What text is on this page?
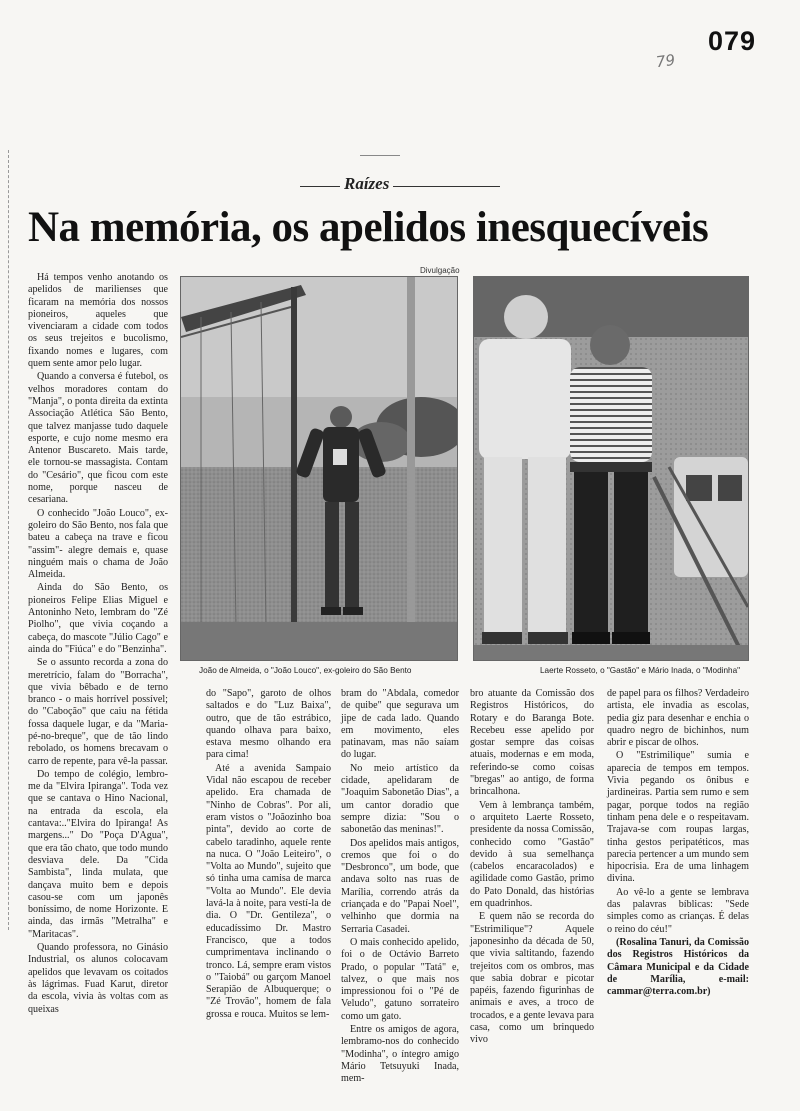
079
79
Raízes
Na memória, os apelidos inesquecíveis

Há tempos venho anotando os apelidos de marilienses que ficaram na memória dos nossos pioneiros, aqueles que vivenciaram a cidade com todos os seus trejeitos e bucolismo, fixando nomes e lugares, com quem sente amor pelo lugar.

Quando a conversa é futebol, os velhos moradores contam do "Manja", o ponta direita da extinta Associação Atlética São Bento, que talvez manjasse tudo daquele esporte, e cujo nome mesmo era Antenor Buscareto. Mais tarde, ele tornou-se massagista. Contam do "Cesário", que ficou com este nome, porque nasceu de cesariana.

O conhecido "João Louco", ex-goleiro do São Bento, nos fala que bateu a cabeça na trave e ficou "assim"- alegre demais e, quase ninguém mais o chama de João Almeida.

Ainda do São Bento, os pioneiros Felipe Elias Miguel e Antoninho Neto, lembram do "Zé Piolho", que vivia coçando a cabeça, do mascote "Júlio Cago" e ainda do "Fiúca" e do "Benzinha".

Se o assunto recorda a zona do meretrício, falam do "Borracha", que vivia bêbado e de terno branco - o mais horrível possível; do "Caboção" que caiu na fétida fossa daquele lugar, e da "Maria-pé-no-breque", que de tão lindo rebolado, os homens brecavam o carro de repente, para vê-la passar.

Do tempo de colégio, lembro-me da "Elvira Ipiranga". Toda vez que se cantava o Hino Nacional, na entrada da escola, ela cantava:.."Elvira do Ipiranga! As margens..." Do "Poça D'Agua", que era tão chato, que todo mundo desviava dele. Da "Cida Sambista", linda mulata, que dançava muito bem e depois casou-se com um japonês boníssimo, de nome Horizonte. E ainda, das irmãs "Metralha" e "Maritacas".

Quando professora, no Ginásio Industrial, os alunos colocavam apelidos que levavam os coitados às lágrimas. Fuad Karut, diretor da escola, vivia às voltas com as queixas

Divulgação
João de Almeida, o "João Louco", ex-goleiro do São Bento	Laerte Rosseto, o "Gastão" e Mário Inada, o "Modinha"

do "Sapo", garoto de olhos saltados e do "Luz Baixa", outro, que de tão estrábico, quando olhava para baixo, estava mesmo olhando era para cima!

Até a avenida Sampaio Vidal não escapou de receber apelido. Era chamada de "Ninho de Cobras". Por ali, eram vistos o "Joãozinho boa pinta", devido ao corte de cabelo taradinho, aquele rente na nuca. O "João Leiteiro", o "Volta ao Mundo", sujeito que só tinha uma camisa de marca "Volta ao Mundo". Ele devia lavá-la à noite, para vestí-la de dia. O "Dr. Gentileza", o educadíssimo Dr. Mastro Francisco, que a todos cumprimentava inclinando o tronco. Lá, sempre eram vistos o "Taiobá" ou garçom Manoel Serapião de Albuquerque; o "Zé Trovão", homem de fala grossa e rouca. Muitos se lem-

bram do "Abdala, comedor de quibe" que segurava um jipe de cada lado. Quando em movimento, eles patinavam, mas não saíam do lugar.

No meio artístico da cidade, apelidaram de "Joaquim Sabonetão Dias", a um cantor doradio que sempre dizia: "Sou o sabonetão das meninas!".

Dos apelidos mais antigos, cremos que foi o do "Desbronco", um bode, que andava solto nas ruas de Marília, correndo atrás da criançada e do "Papai Noel", velhinho que dormia na Serraria Casadei.

O mais conhecido apelido, foi o de Octávio Barreto Prado, o popular "Tatá" e, talvez, o que mais nos impressionou foi o "Pé de Veludo", gatuno sorrateiro como um gato.

Entre os amigos de agora, lembramo-nos do conhecido "Modinha", o íntegro amigo Mário Tetsuyuki Inada, mem-

bro atuante da Comissão dos Registros Históricos, do Rotary e do Baranga Bote. Recebeu esse apelido por gostar sempre das coisas atuais, modernas e em moda, referindo-se como coisas "bregas" ao antigo, de forma brincalhona.

Vem à lembrança também, o arquiteto Laerte Rosseto, presidente da nossa Comissão, conhecido como "Gastão" devido à sua semelhança (cabelos encaracolados) e agilidade como Gastão, primo do Pato Donald, das histórias em quadrinhos.

E quem não se recorda do "Estrimilique"? Aquele japonesinho da década de 50, que vivia saltitando, fazendo trejeitos com os ombros, mas que sabia dobrar e picotar papéis, fazendo figurinhas de animais e aves, a troco de trocados, e a gente levava para casa, como um brinquedo vivo

de papel para os filhos? Verdadeiro artista, ele invadia as escolas, pedia giz para desenhar e enchia o quadro negro de bichinhos, num abrir e piscar de olhos.

O "Estrimilique" sumia e aparecia de tempos em tempos. Vivia pegando os ônibus e jardineiras. Partia sem rumo e sem pagar, porque todos na região tinham pena dele e o respeitavam. Trajava-se com roupas largas, tinha gestos peripatéticos, mas parecia pertencer a um mundo sem hipocrisia. Era de uma linhagem divina.

Ao vê-lo a gente se lembrava das palavras bíblicas: "Sede simples como as crianças. É delas o reino do céu!"

(Rosalina Tanuri, da Comissão dos Registros Históricos da Câmara Municipal e da Cidade de Marília, e-mail: cammar@terra.com.br)
